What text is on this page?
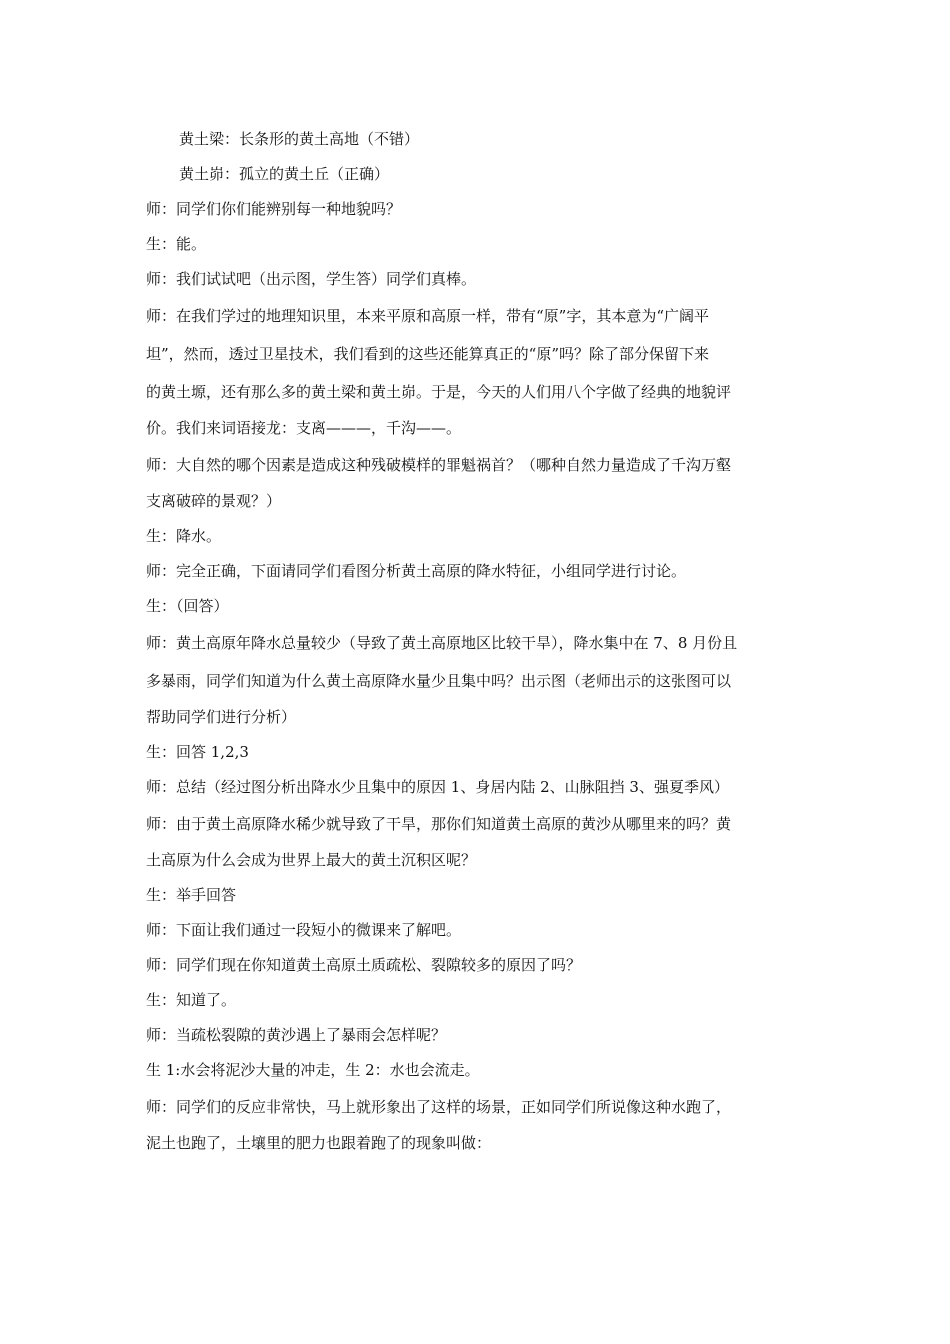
黄土梁：长条形的黄土高地（不错）
黄土峁：孤立的黄土丘（正确）
师：同学们你们能辨别每一种地貌吗？
生：能。
师：我们试试吧（出示图，学生答）同学们真棒。
师：在我们学过的地理知识里，本来平原和高原一样，带有“原”字，其本意为“广阔平
坦”，然而，透过卫星技术，我们看到的这些还能算真正的“原”吗？除了部分保留下来
的黄土塬，还有那么多的黄土梁和黄土峁。于是，今天的人们用八个字做了经典的地貌评
价。我们来词语接龙：支离———，千沟——。
师：大自然的哪个因素是造成这种残破模样的罪魁祸首？（哪种自然力量造成了千沟万壑
支离破碎的景观？）
生：降水。
师：完全正确，下面请同学们看图分析黄土高原的降水特征，小组同学进行讨论。
生：（回答）
师：黄土高原年降水总量较少（导致了黄土高原地区比较干旱），降水集中在 7、8 月份且
多暴雨，同学们知道为什么黄土高原降水量少且集中吗？出示图（老师出示的这张图可以
帮助同学们进行分析）
生：回答 1,2,3
师：总结（经过图分析出降水少且集中的原因 1、身居内陆 2、山脉阻挡 3、强夏季风）
师：由于黄土高原降水稀少就导致了干旱，那你们知道黄土高原的黄沙从哪里来的吗？黄
土高原为什么会成为世界上最大的黄土沉积区呢？
生：举手回答
师：下面让我们通过一段短小的微课来了解吧。
师：同学们现在你知道黄土高原土质疏松、裂隙较多的原因了吗？
生：知道了。
师：当疏松裂隙的黄沙遇上了暴雨会怎样呢？
生 1:水会将泥沙大量的冲走，生 2：水也会流走。
师：同学们的反应非常快，马上就形象出了这样的场景，正如同学们所说像这种水跑了，
泥土也跑了，土壤里的肥力也跟着跑了的现象叫做：
